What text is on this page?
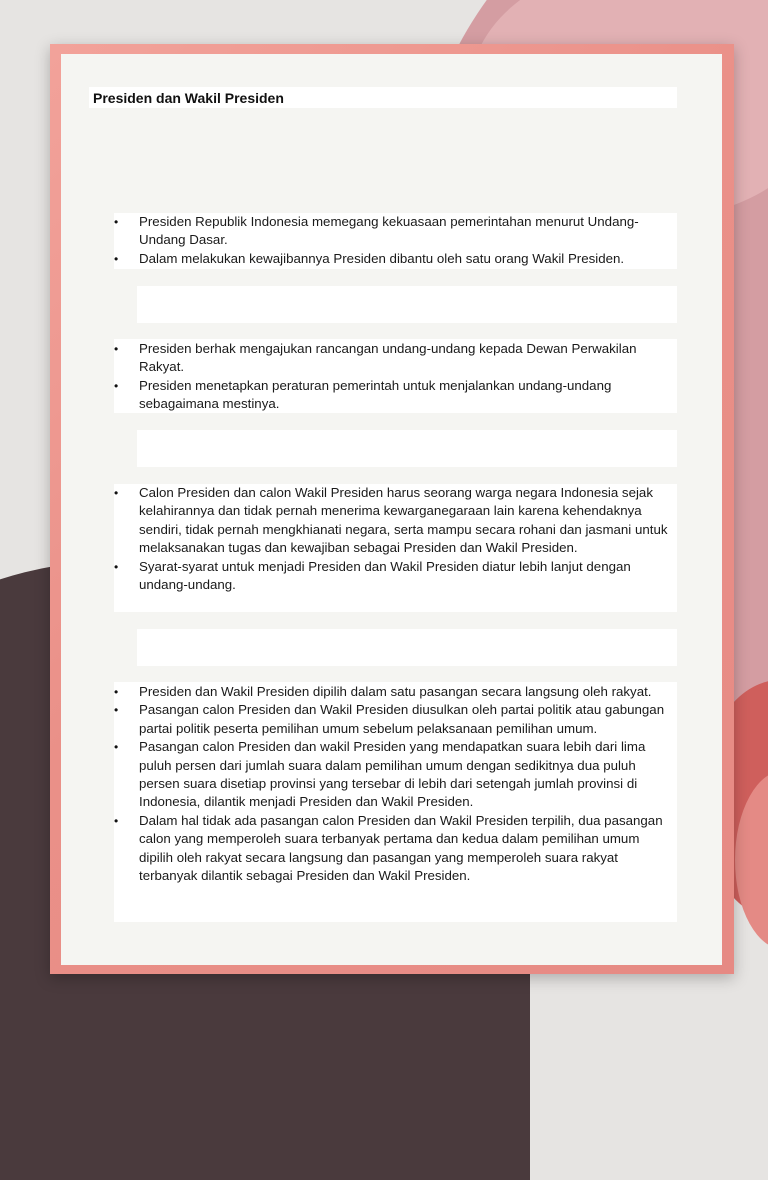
Presiden dan Wakil Presiden
• Presiden Republik Indonesia memegang kekuasaan pemerintahan menurut Undang-Undang Dasar.
• Dalam melakukan kewajibannya Presiden dibantu oleh satu orang Wakil Presiden.
• Presiden berhak mengajukan rancangan undang-undang kepada Dewan Perwakilan Rakyat.
• Presiden menetapkan peraturan pemerintah untuk menjalankan undang-undang sebagaimana mestinya.
• Calon Presiden dan calon Wakil Presiden harus seorang warga negara Indonesia sejak kelahirannya dan tidak pernah menerima kewarganegaraan lain karena kehendaknya sendiri, tidak pernah mengkhianati negara, serta mampu secara rohani dan jasmani untuk melaksanakan tugas dan kewajiban sebagai Presiden dan Wakil Presiden.
• Syarat-syarat untuk menjadi Presiden dan Wakil Presiden diatur lebih lanjut dengan undang-undang.
• Presiden dan Wakil Presiden dipilih dalam satu pasangan secara langsung oleh rakyat.
• Pasangan calon Presiden dan Wakil Presiden diusulkan oleh partai politik atau gabungan partai politik peserta pemilihan umum sebelum pelaksanaan pemilihan umum.
• Pasangan calon Presiden dan wakil Presiden yang mendapatkan suara lebih dari lima puluh persen dari jumlah suara dalam pemilihan umum dengan sedikitnya dua puluh persen suara disetiap provinsi yang tersebar di lebih dari setengah jumlah provinsi di Indonesia, dilantik menjadi Presiden dan Wakil Presiden.
• Dalam hal tidak ada pasangan calon Presiden dan Wakil Presiden terpilih, dua pasangan calon yang memperoleh suara terbanyak pertama dan kedua dalam pemilihan umum dipilih oleh rakyat secara langsung dan pasangan yang memperoleh suara rakyat terbanyak dilantik sebagai Presiden dan Wakil Presiden.
